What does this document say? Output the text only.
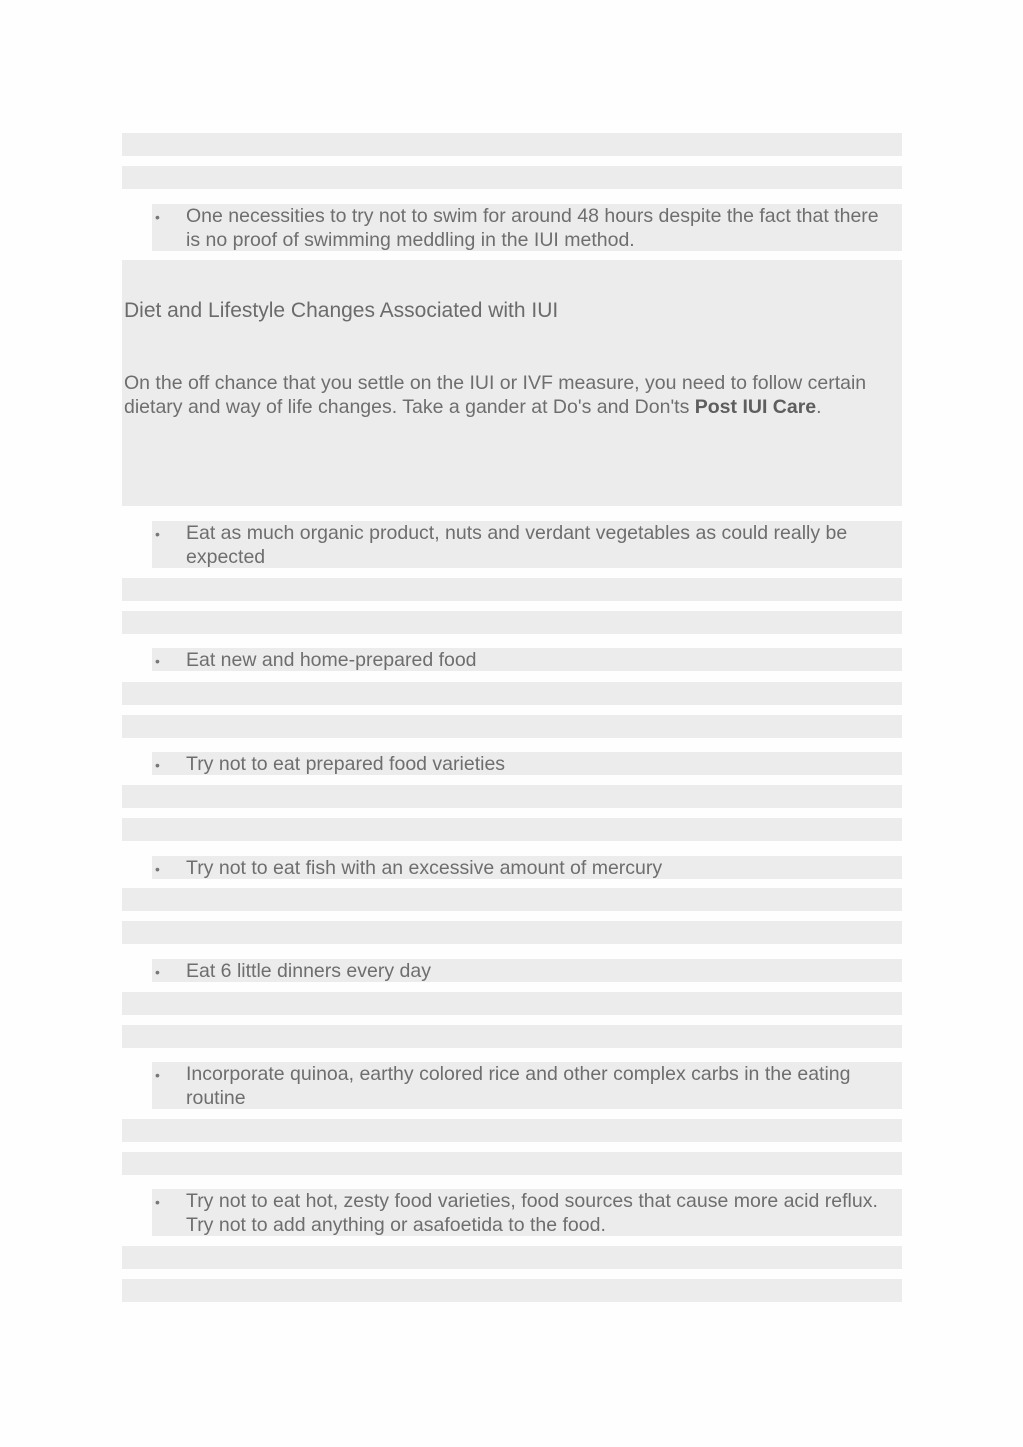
• One necessities to try not to swim for around 48 hours despite the fact that there is no proof of swimming meddling in the IUI method.
Diet and Lifestyle Changes Associated with IUI
On the off chance that you settle on the IUI or IVF measure, you need to follow certain dietary and way of life changes. Take a gander at Do's and Don'ts Post IUI Care.
• Eat as much organic product, nuts and verdant vegetables as could really be expected
• Eat new and home-prepared food
• Try not to eat prepared food varieties
• Try not to eat fish with an excessive amount of mercury
• Eat 6 little dinners every day
• Incorporate quinoa, earthy colored rice and other complex carbs in the eating routine
• Try not to eat hot, zesty food varieties, food sources that cause more acid reflux. Try not to add anything or asafoetida to the food.
